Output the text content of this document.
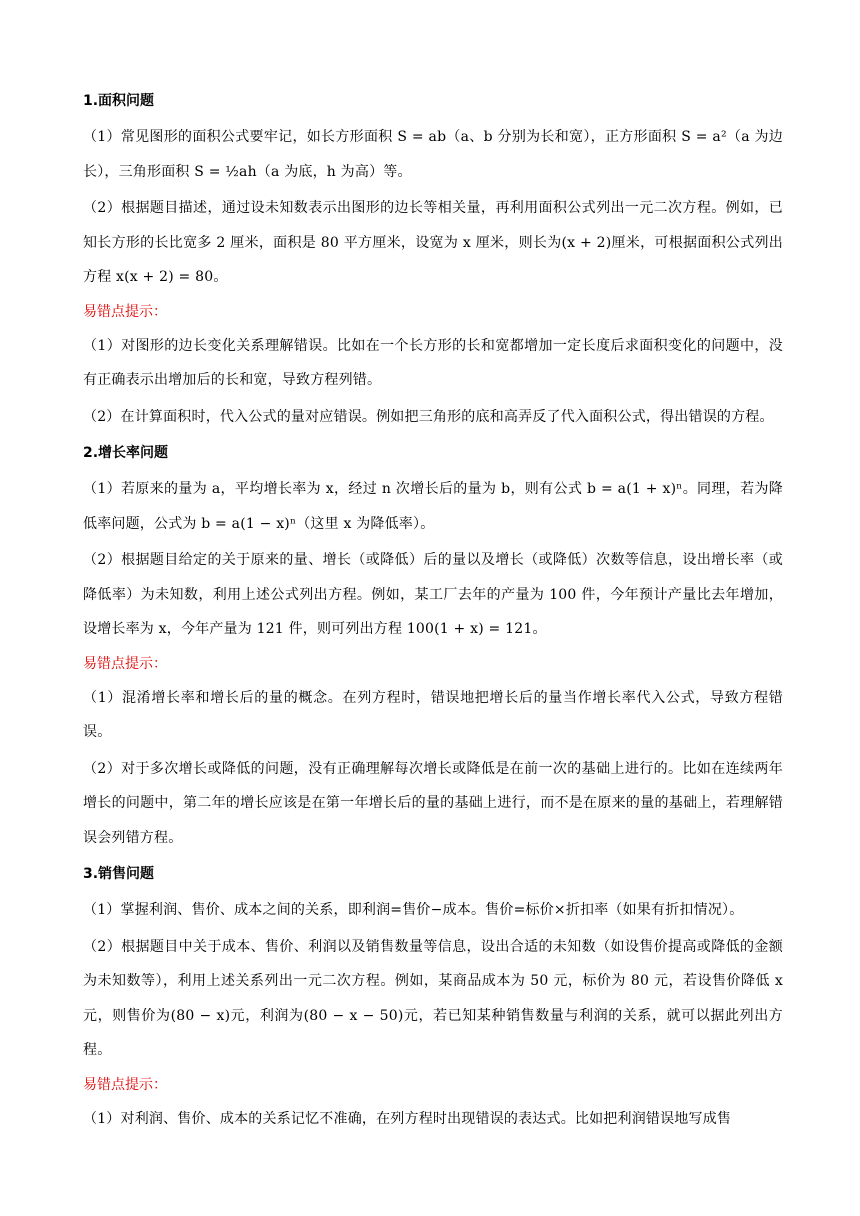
1.面积问题

（1）常见图形的面积公式要牢记，如长方形面积 S = ab（a、b 分别为长和宽），正方形面积 S = a²（a 为边长），三角形面积 S = ½ah（a 为底，h 为高）等。

（2）根据题目描述，通过设未知数表示出图形的边长等相关量，再利用面积公式列出一元二次方程。例如，已知长方形的长比宽多 2 厘米，面积是 80 平方厘米，设宽为 x 厘米，则长为(x + 2)厘米，可根据面积公式列出方程 x(x + 2) = 80。

易错点提示：

（1）对图形的边长变化关系理解错误。比如在一个长方形的长和宽都增加一定长度后求面积变化的问题中，没有正确表示出增加后的长和宽，导致方程列错。

（2）在计算面积时，代入公式的量对应错误。例如把三角形的底和高弄反了代入面积公式，得出错误的方程。

2.增长率问题

（1）若原来的量为 a，平均增长率为 x，经过 n 次增长后的量为 b，则有公式 b = a(1 + x)ⁿ。同理，若为降低率问题，公式为 b = a(1 − x)ⁿ（这里 x 为降低率）。

（2）根据题目给定的关于原来的量、增长（或降低）后的量以及增长（或降低）次数等信息，设出增长率（或降低率）为未知数，利用上述公式列出方程。例如，某工厂去年的产量为 100 件，今年预计产量比去年增加，设增长率为 x，今年产量为 121 件，则可列出方程 100(1 + x) = 121。

易错点提示：

（1）混淆增长率和增长后的量的概念。在列方程时，错误地把增长后的量当作增长率代入公式，导致方程错误。

（2）对于多次增长或降低的问题，没有正确理解每次增长或降低是在前一次的基础上进行的。比如在连续两年增长的问题中，第二年的增长应该是在第一年增长后的量的基础上进行，而不是在原来的量的基础上，若理解错误会列错方程。

3.销售问题

（1）掌握利润、售价、成本之间的关系，即利润=售价−成本。售价=标价×折扣率（如果有折扣情况）。

（2）根据题目中关于成本、售价、利润以及销售数量等信息，设出合适的未知数（如设售价提高或降低的金额为未知数等），利用上述关系列出一元二次方程。例如，某商品成本为 50 元，标价为 80 元，若设售价降低 x 元，则售价为(80 − x)元，利润为(80 − x − 50)元，若已知某种销售数量与利润的关系，就可以据此列出方程。

易错点提示：

（1）对利润、售价、成本的关系记忆不准确，在列方程时出现错误的表达式。比如把利润错误地写成售
